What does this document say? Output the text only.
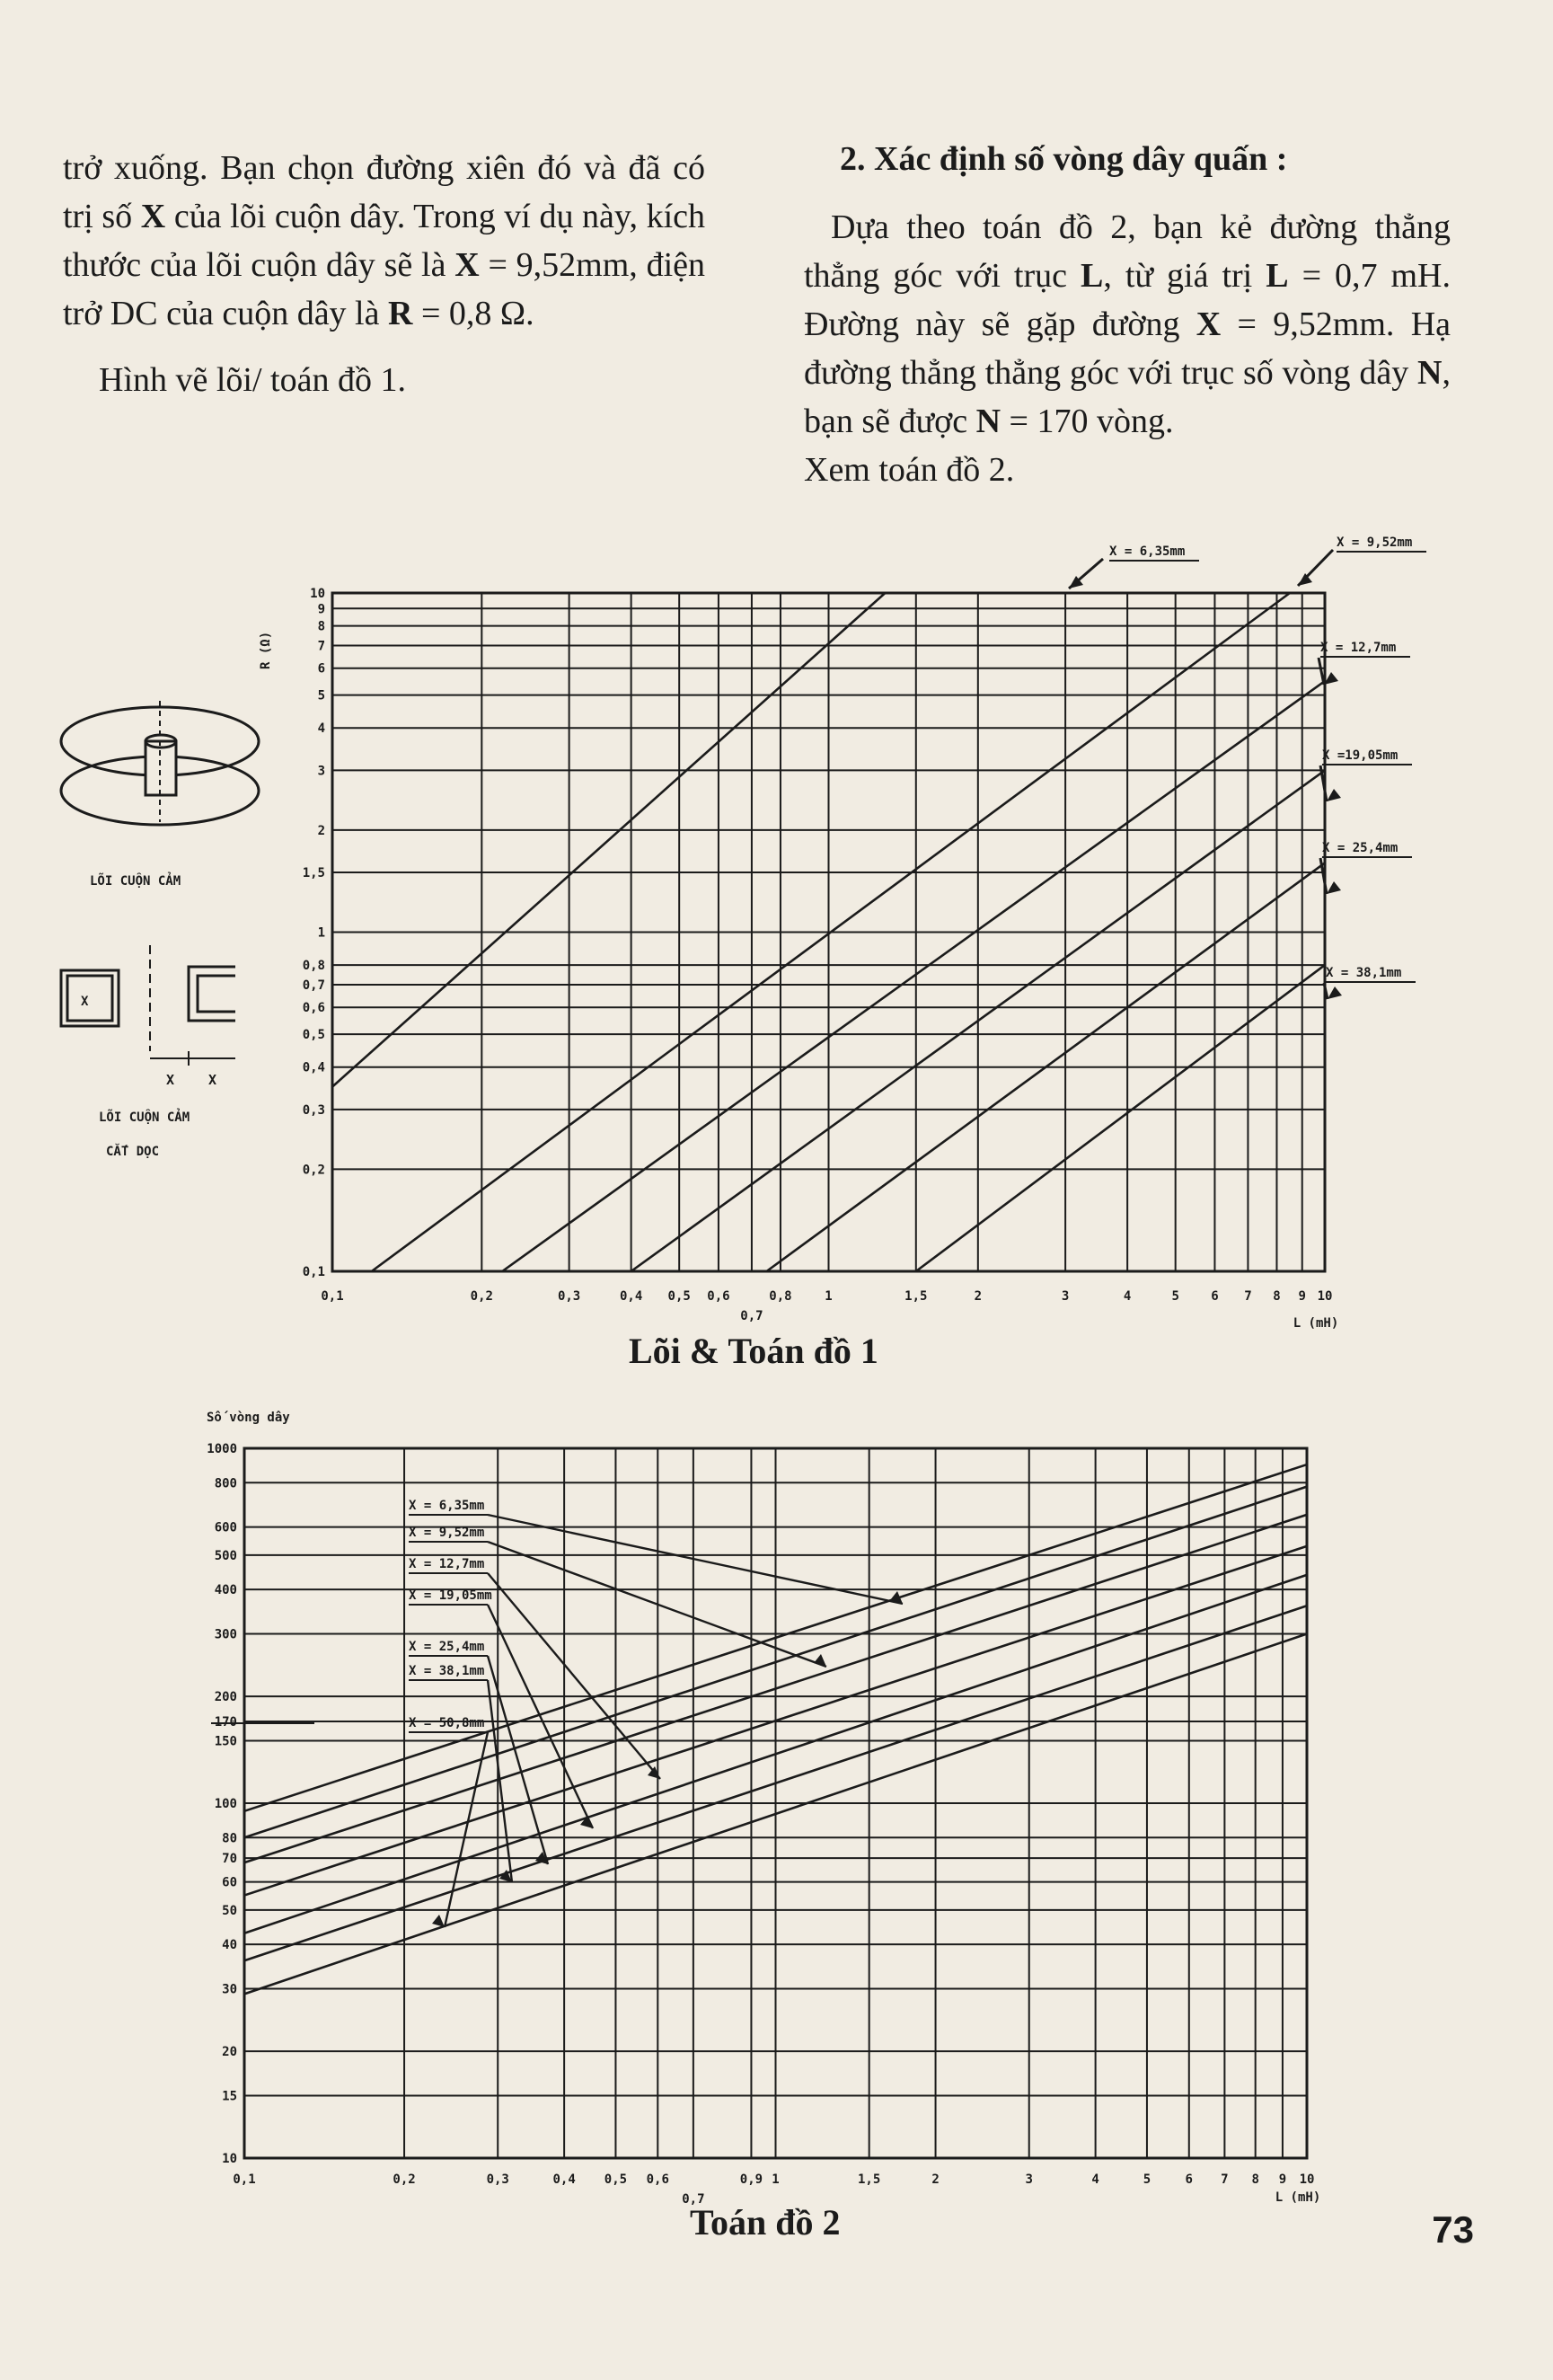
trở xuống. Bạn chọn đường xiên đó và đã có trị số X của lõi cuộn dây. Trong ví dụ này, kích thước của lõi cuộn dây sẽ là X = 9,52mm, điện trở DC của cuộn dây là R = 0,8 Ω.

Hình vẽ lõi/ toán đồ 1.

2. Xác định số vòng dây quấn :

Dựa theo toán đồ 2, bạn kẻ đường thẳng thẳng góc với trục L, từ giá trị L = 0,7 mH. Đường này sẽ gặp đường X = 9,52mm. Hạ đường thẳng thẳng góc với trục số vòng dây N, bạn sẽ được N = 170 vòng.

Xem toán đồ 2.

LÕI CUỘN CẢM
X
X	X
LÕI CUỘN CẢM
CẮT DỌC
0,1	0,2	0,3	0,4 0,5 0,6
0,7
0,8	1	1,5	2	3	4	5	6 7 8 9 10
0,1
0,2
0,3
0,4
0,5
0,6
0,7
0,8
1
1,5
2
3
4
5
6
7
8
9
10
L (mH)
R (Ω)
X = 6,35mm
X = 9,52mm
X = 12,7mm
X =19,05mm
X = 25,4mm
X = 38,1mm
0,1	0,2	0,3	0,4 0,5 0,6
0,7
0,9 1	1,5	2	3	4	5	6 7 8 9 10
10
15
20
30
40
50
60
70
80
100
150
170
200
300
400
500
600
800
1000
L (mH)
Số vòng dây
X = 6,35mm
X = 9,52mm
X = 12,7mm
X = 19,05mm
X = 25,4mm
X = 38,1mm
X = 50,8mm
Lõi & Toán đồ 1
Toán đồ 2	73
